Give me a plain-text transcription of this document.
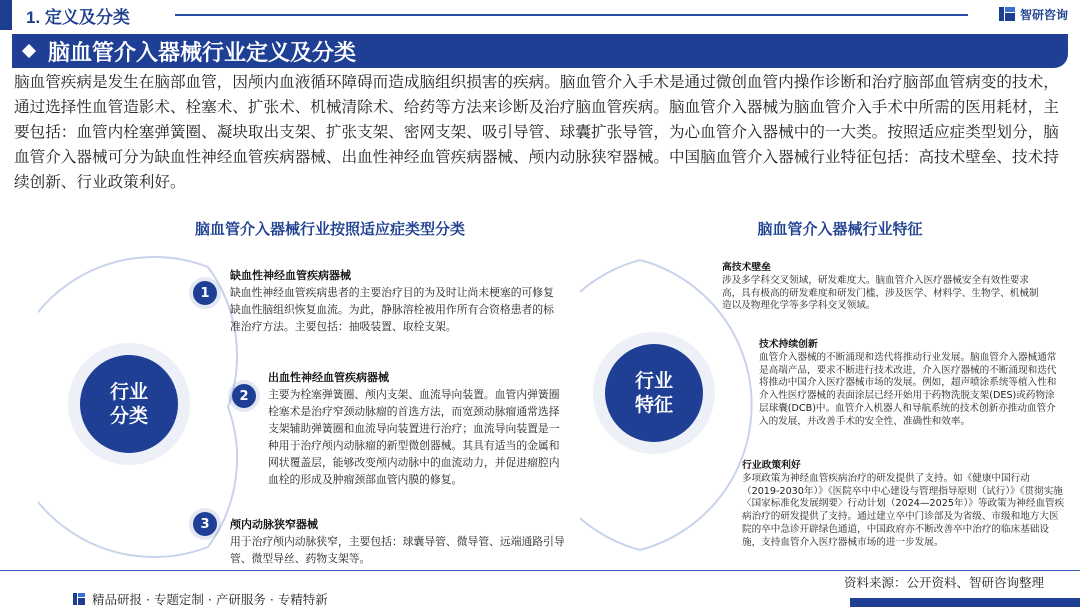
1. 定义及分类	智研咨询
脑血管介入器械行业定义及分类

脑血管疾病是发生在脑部血管，因颅内血液循环障碍而造成脑组织损害的疾病。脑血管介入手术是通过微创血管内操作诊断和治疗脑部血管病变的技术，通过选择性血管造影术、栓塞术、扩张术、机械清除术、给药等方法来诊断及治疗脑血管疾病。脑血管介入器械为脑血管介入手术中所需的医用耗材，主要包括：血管内栓塞弹簧圈、凝块取出支架、扩张支架、密网支架、吸引导管、球囊扩张导管，为心血管介入器械中的一大类。按照适应症类型划分，脑血管介入器械可分为缺血性神经血管疾病器械、出血性神经血管疾病器械、颅内动脉狭窄器械。中国脑血管介入器械行业特征包括：高技术壁垒、技术持续创新、行业政策利好。

脑血管介入器械行业按照适应症类型分类	脑血管介入器械行业特征
行业
分类
1
2
3
缺血性神经血管疾病器械
缺血性神经血管疾病患者的主要治疗目的为及时让尚未梗塞的可修复缺血性脑组织恢复血流。为此，静脉溶栓被用作所有合资格患者的标准治疗方法。主要包括：抽吸装置、取栓支架。
出血性神经血管疾病器械
主要为栓塞弹簧圈、颅内支架、血流导向装置。血管内弹簧圈栓塞术是治疗窄颈动脉瘤的首选方法，而宽颈动脉瘤通常选择支架辅助弹簧圈和血流导向装置进行治疗；血流导向装置是一种用于治疗颅内动脉瘤的新型微创器械。其具有适当的金属和网状覆盖层，能够改变颅内动脉中的血流动力，并促进瘤腔内血栓的形成及肿瘤颈部血管内膜的修复。
颅内动脉狭窄器械
用于治疗颅内动脉狭窄，主要包括：球囊导管、微导管、远端通路引导管、微型导丝、药物支架等。
行业
特征
高技术壁垒
涉及多学科交叉领域，研发难度大。脑血管介入医疗器械安全有效性要求高，具有极高的研发难度和研发门槛，涉及医学、材料学、生物学、机械制造以及物理化学等多学科交叉领域。
技术持续创新
血管介入器械的不断涌现和迭代将推动行业发展。脑血管介入器械通常是高端产品，要求不断进行技术改进，介入医疗器械的不断涌现和迭代将推动中国介入医疗器械市场的发展。例如，超声喷涂系统等植入性和介入性医疗器械的表面涂层已经开始用于药物洗脱支架(DES)或药物涂层球囊(DCB)中。血管介入机器人和导航系统的技术创新亦推动血管介入的发展，并改善手术的安全性、准确性和效率。
行业政策利好
多项政策为神经血管疾病治疗的研发提供了支持。如《健康中国行动（2019-2030年）》《医院卒中中心建设与管理指导原则（试行）》《贯彻实施〈国家标准化发展纲要〉行动计划（2024—2025年）》等政策为神经血管疾病治疗的研发提供了支持。通过建立卒中门诊部及为省级、市级和地方大医院的卒中急诊开辟绿色通道，中国政府亦不断改善卒中治疗的临床基础设施，支持血管介入医疗器械市场的进一步发展。
资料来源：公开资料、智研咨询整理
精品研报 · 专题定制 · 产研服务 · 专精特新
